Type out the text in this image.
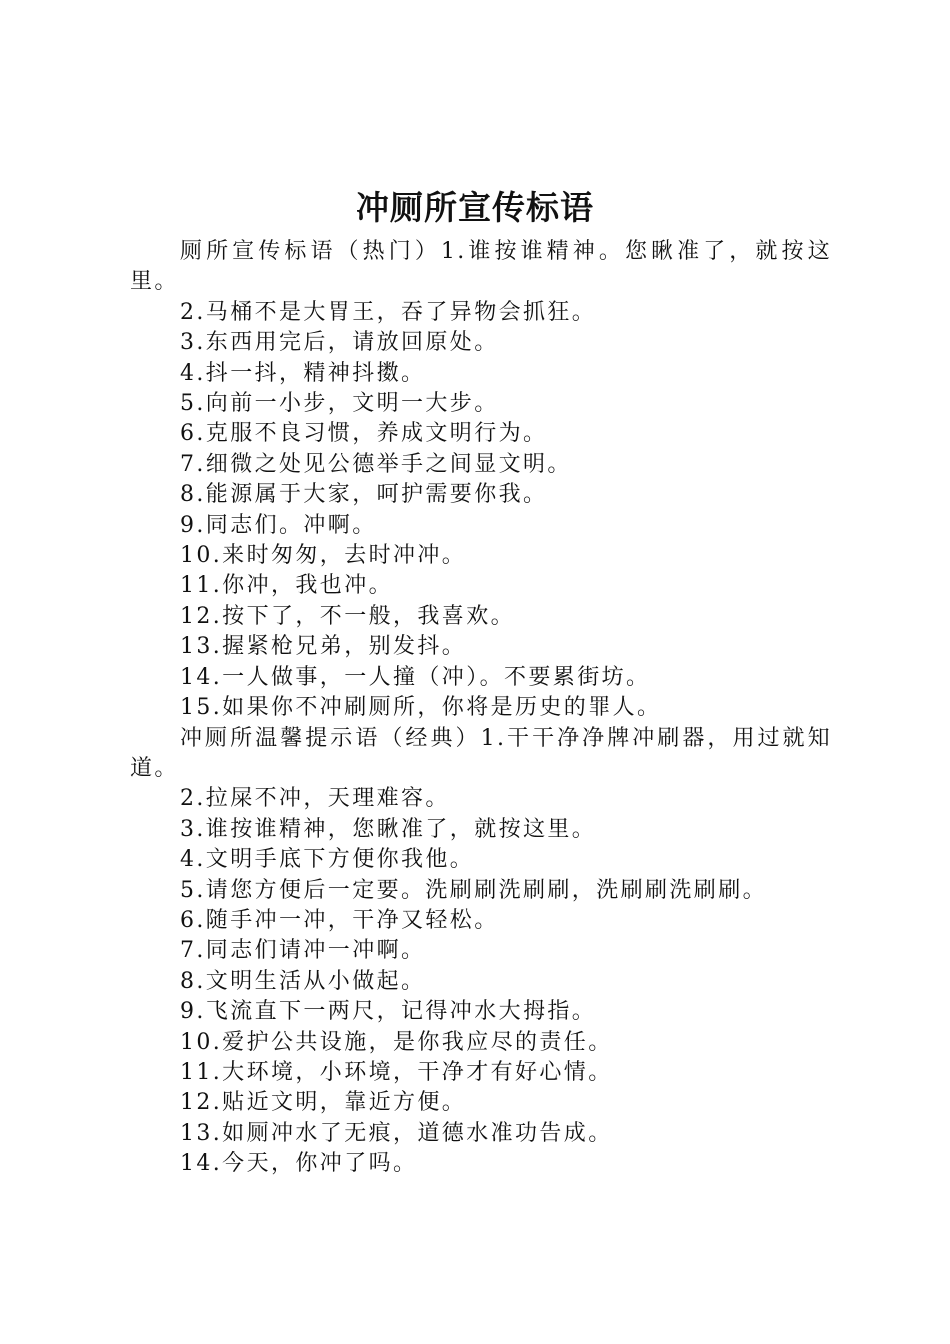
冲厕所宣传标语

厕所宣传标语（热门）1.谁按谁精神。您瞅准了，就按这里。

2.马桶不是大胃王，吞了异物会抓狂。

3.东西用完后，请放回原处。

4.抖一抖，精神抖擞。

5.向前一小步，文明一大步。

6.克服不良习惯，养成文明行为。

7.细微之处见公德举手之间显文明。

8.能源属于大家，呵护需要你我。

9.同志们。冲啊。

10.来时匆匆，去时冲冲。

11.你冲，我也冲。

12.按下了，不一般，我喜欢。

13.握紧枪兄弟，别发抖。

14.一人做事，一人撞（冲）。不要累街坊。

15.如果你不冲刷厕所，你将是历史的罪人。

冲厕所温馨提示语（经典）1.干干净净牌冲刷器，用过就知道。

2.拉屎不冲，天理难容。

3.谁按谁精神，您瞅准了，就按这里。

4.文明手底下方便你我他。

5.请您方便后一定要。洗刷刷洗刷刷，洗刷刷洗刷刷。

6.随手冲一冲，干净又轻松。

7.同志们请冲一冲啊。

8.文明生活从小做起。

9.飞流直下一两尺，记得冲水大拇指。

10.爱护公共设施，是你我应尽的责任。

11.大环境，小环境，干净才有好心情。

12.贴近文明，靠近方便。

13.如厕冲水了无痕，道德水准功告成。

14.今天，你冲了吗。
